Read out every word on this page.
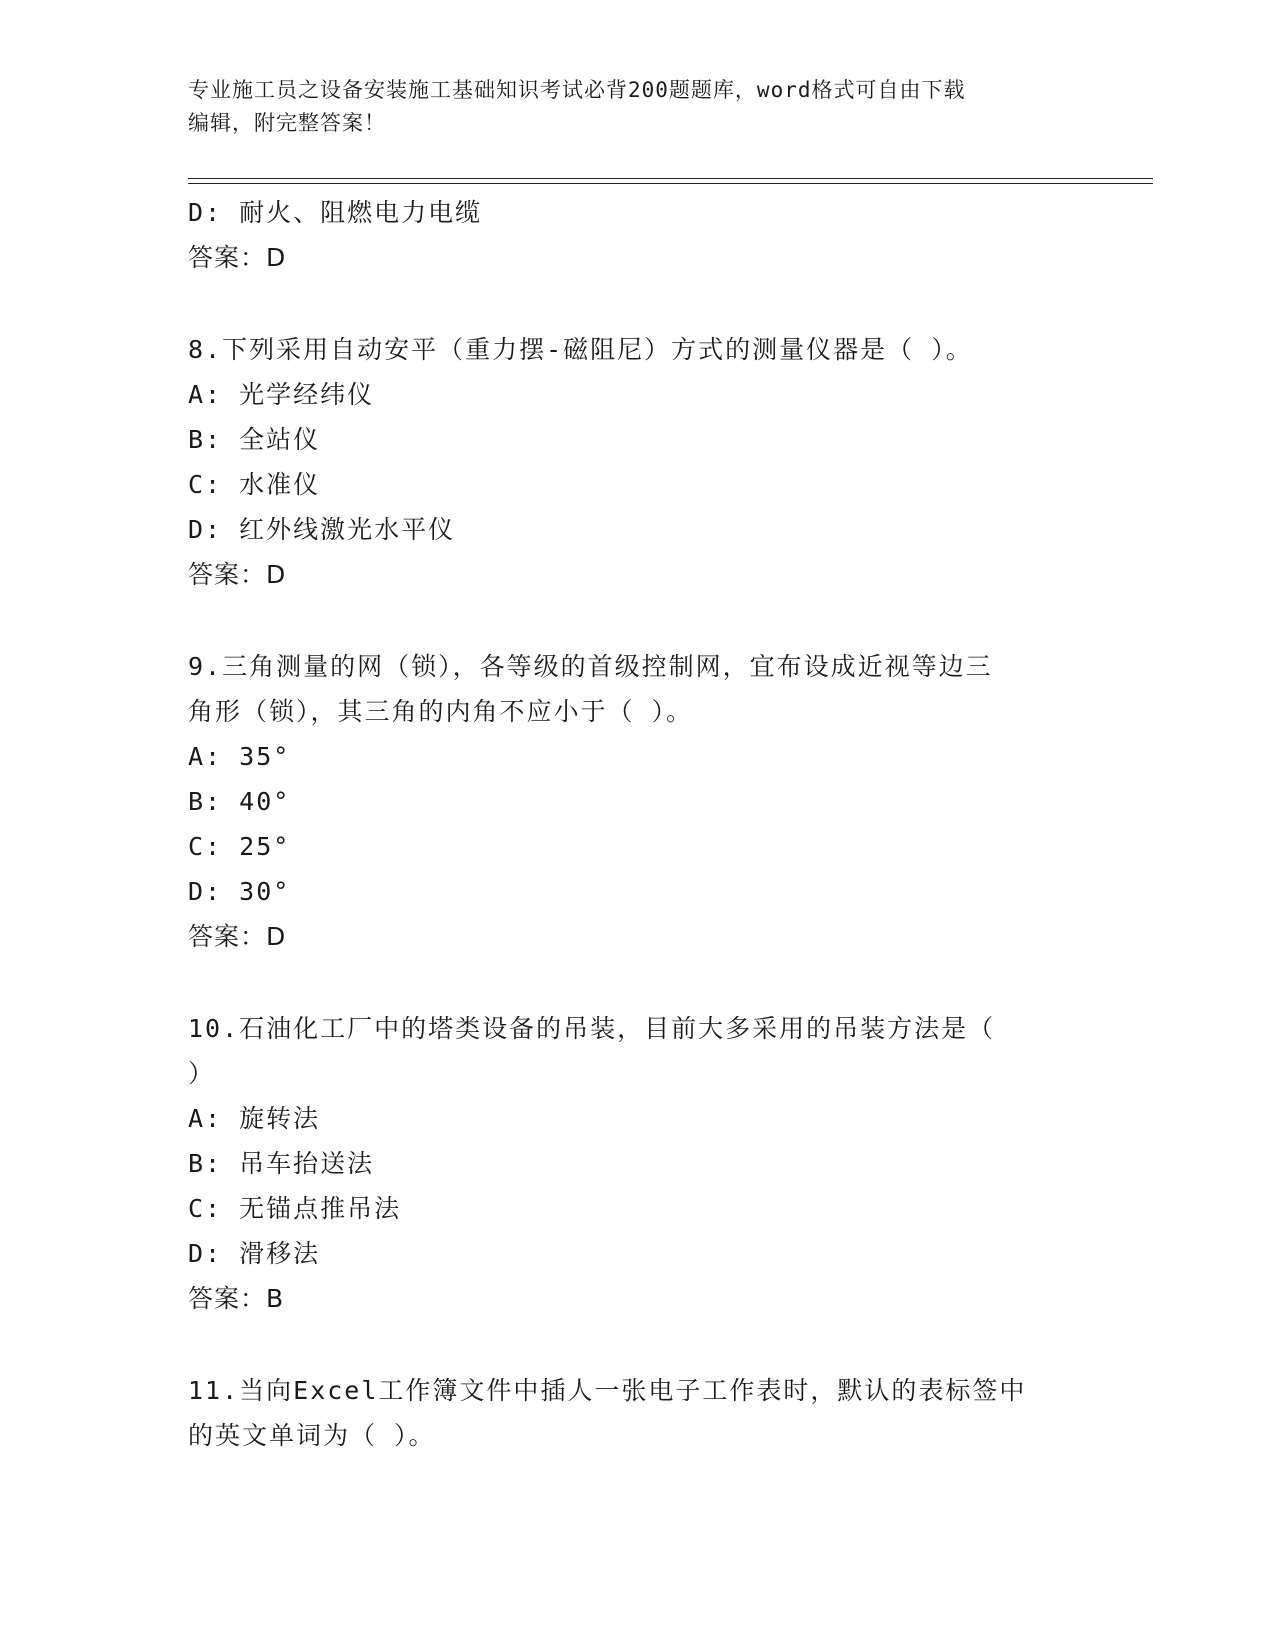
专业施工员之设备安装施工基础知识考试必背200题题库，word格式可自由下载
编辑，附完整答案！
D: 耐火、阻燃电力电缆
答案：D
8.下列采用自动安平（重力摆-磁阻尼）方式的测量仪器是（ ）。
A: 光学经纬仪
B: 全站仪
C: 水准仪
D: 红外线激光水平仪
答案：D
9.三角测量的网（锁），各等级的首级控制网，宜布设成近视等边三
角形（锁），其三角的内角不应小于（ ）。
A: 35°
B: 40°
C: 25°
D: 30°
答案：D
10.石油化工厂中的塔类设备的吊装，目前大多采用的吊装方法是（
）
A: 旋转法
B: 吊车抬送法
C: 无锚点推吊法
D: 滑移法
答案：B
11.当向Excel工作簿文件中插人一张电子工作表时，默认的表标签中
的英文单词为（ ）。
